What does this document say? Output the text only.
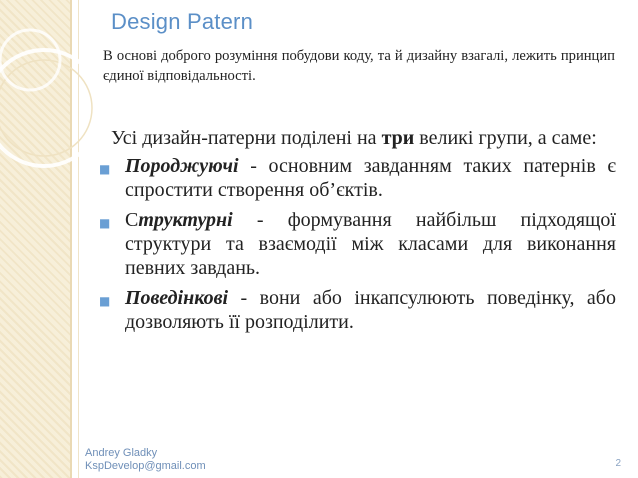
Design Patern
В основі доброго розуміння побудови коду, та й дизайну взагалі, лежить принцип єдиної відповідальності.

Усі дизайн-патерни поділені на три великі групи, а саме:

■ Породжуючі - основним завданням таких патернів є спростити створення об’єктів.
■ Структурні - формування найбільш підходящої структури та взаємодії між класами для виконання певних завдань.
■ Поведінкові - вони або інкапсулюють поведінку, або дозволяють її розподілити.
Andrey Gladky
KspDevelop@gmail.com	2
